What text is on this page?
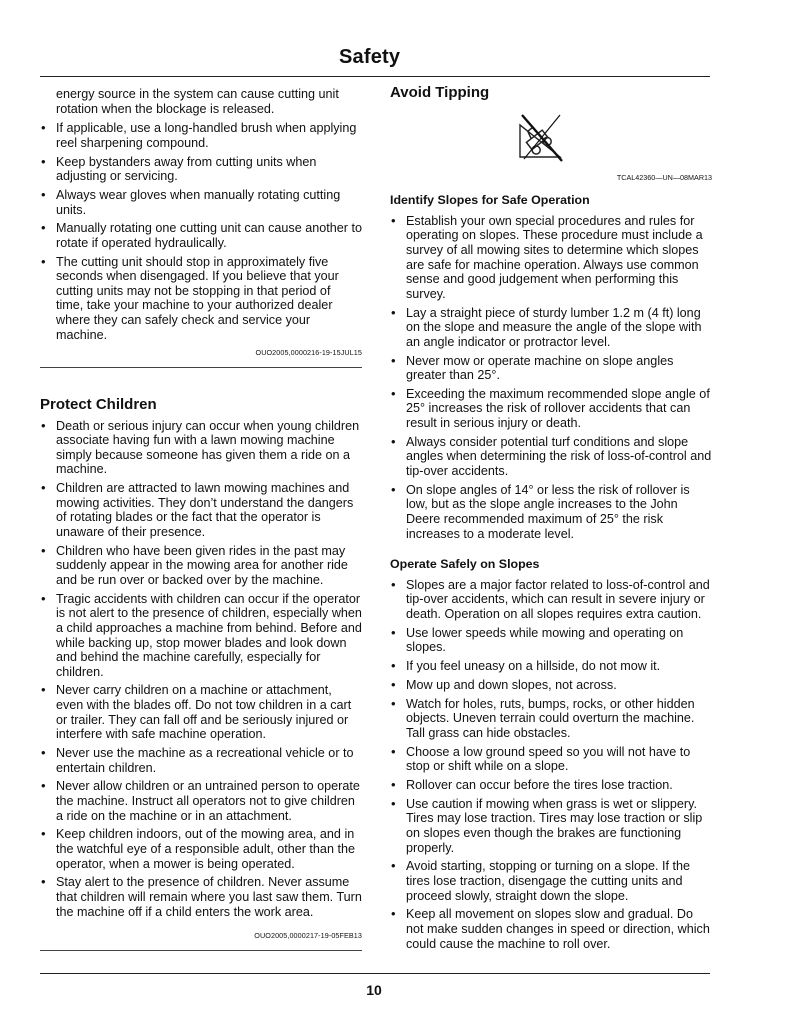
Safety
energy source in the system can cause cutting unit rotation when the blockage is released.
• If applicable, use a long-handled brush when applying reel sharpening compound.
• Keep bystanders away from cutting units when adjusting or servicing.
• Always wear gloves when manually rotating cutting units.
• Manually rotating one cutting unit can cause another to rotate if operated hydraulically.
• The cutting unit should stop in approximately five seconds when disengaged. If you believe that your cutting units may not be stopping in that period of time, take your machine to your authorized dealer where they can safely check and service your machine.
OUO2005,0000216-19-15JUL15
Protect Children
• Death or serious injury can occur when young children associate having fun with a lawn mowing machine simply because someone has given them a ride on a machine.
• Children are attracted to lawn mowing machines and mowing activities. They don’t understand the dangers of rotating blades or the fact that the operator is unaware of their presence.
• Children who have been given rides in the past may suddenly appear in the mowing area for another ride and be run over or backed over by the machine.
• Tragic accidents with children can occur if the operator is not alert to the presence of children, especially when a child approaches a machine from behind. Before and while backing up, stop mower blades and look down and behind the machine carefully, especially for children.
• Never carry children on a machine or attachment, even with the blades off. Do not tow children in a cart or trailer. They can fall off and be seriously injured or interfere with safe machine operation.
• Never use the machine as a recreational vehicle or to entertain children.
• Never allow children or an untrained person to operate the machine. Instruct all operators not to give children a ride on the machine or in an attachment.
• Keep children indoors, out of the mowing area, and in the watchful eye of a responsible adult, other than the operator, when a mower is being operated.
• Stay alert to the presence of children. Never assume that children will remain where you last saw them. Turn the machine off if a child enters the work area.
OUO2005,0000217-19-05FEB13
Avoid Tipping
TCAL42360—UN—08MAR13
Identify Slopes for Safe Operation
• Establish your own special procedures and rules for operating on slopes. These procedure must include a survey of all mowing sites to determine which slopes are safe for machine operation. Always use common sense and good judgement when performing this survey.
• Lay a straight piece of sturdy lumber 1.2 m (4 ft) long on the slope and measure the angle of the slope with an angle indicator or protractor level.
• Never mow or operate machine on slope angles greater than 25°.
• Exceeding the maximum recommended slope angle of 25° increases the risk of rollover accidents that can result in serious injury or death.
• Always consider potential turf conditions and slope angles when determining the risk of loss-of-control and tip-over accidents.
• On slope angles of 14° or less the risk of rollover is low, but as the slope angle increases to the John Deere recommended maximum of 25° the risk increases to a moderate level.
Operate Safely on Slopes
• Slopes are a major factor related to loss-of-control and tip-over accidents, which can result in severe injury or death. Operation on all slopes requires extra caution.
• Use lower speeds while mowing and operating on slopes.
• If you feel uneasy on a hillside, do not mow it.
• Mow up and down slopes, not across.
• Watch for holes, ruts, bumps, rocks, or other hidden objects. Uneven terrain could overturn the machine. Tall grass can hide obstacles.
• Choose a low ground speed so you will not have to stop or shift while on a slope.
• Rollover can occur before the tires lose traction.
• Use caution if mowing when grass is wet or slippery. Tires may lose traction. Tires may lose traction or slip on slopes even though the brakes are functioning properly.
• Avoid starting, stopping or turning on a slope. If the tires lose traction, disengage the cutting units and proceed slowly, straight down the slope.
• Keep all movement on slopes slow and gradual. Do not make sudden changes in speed or direction, which could cause the machine to roll over.
10
